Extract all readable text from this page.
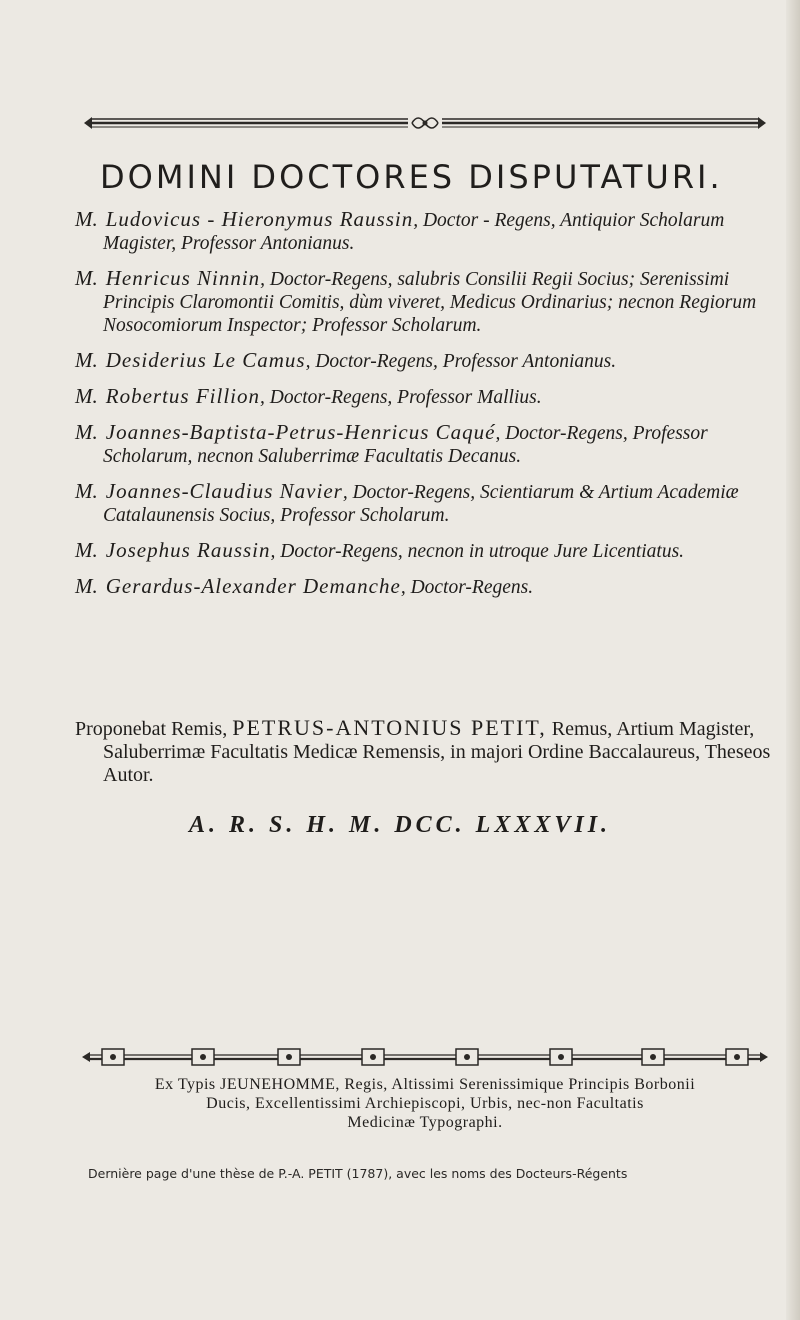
DOMINI DOCTORES DISPUTATURI.
M. Ludovicus - Hieronymus Raussin, Doctor - Regens, Antiquior Scholarum Magister, Professor Antonianus.
M. Henricus Ninnin, Doctor-Regens, salubris Consilii Regii Socius; Serenissimi Principis Claromontii Comitis, dùm viveret, Medicus Ordinarius; necnon Regiorum Nosocomiorum Inspector; Professor Scholarum.
M. Desiderius Le Camus, Doctor-Regens, Professor Antonianus.
M. Robertus Fillion, Doctor-Regens, Professor Mallius.
M. Joannes-Baptista-Petrus-Henricus Caqué, Doctor-Regens, Professor Scholarum, necnon Saluberrimæ Facultatis Decanus.
M. Joannes-Claudius Navier, Doctor-Regens, Scientiarum & Artium Academiæ Catalaunensis Socius, Professor Scholarum.
M. Josephus Raussin, Doctor-Regens, necnon in utroque Jure Licentiatus.
M. Gerardus-Alexander Demanche, Doctor-Regens.
Proponebat Remis, PETRUS-ANTONIUS PETIT, Remus, Artium Magister, Saluberrimæ Facultatis Medicæ Remensis, in majori Ordine Baccalaureus, Theseos Autor.
A. R. S. H. M. DCC. LXXXVII.
Ex Typis JEUNEHOMME, Regis, Altissimi Serenissimique Principis Borbonii
Ducis, Excellentissimi Archiepiscopi, Urbis, nec-non Facultatis
Medicinæ Typographi.
Dernière page d'une thèse de P.-A. PETIT (1787), avec les noms des Docteurs-Régents
